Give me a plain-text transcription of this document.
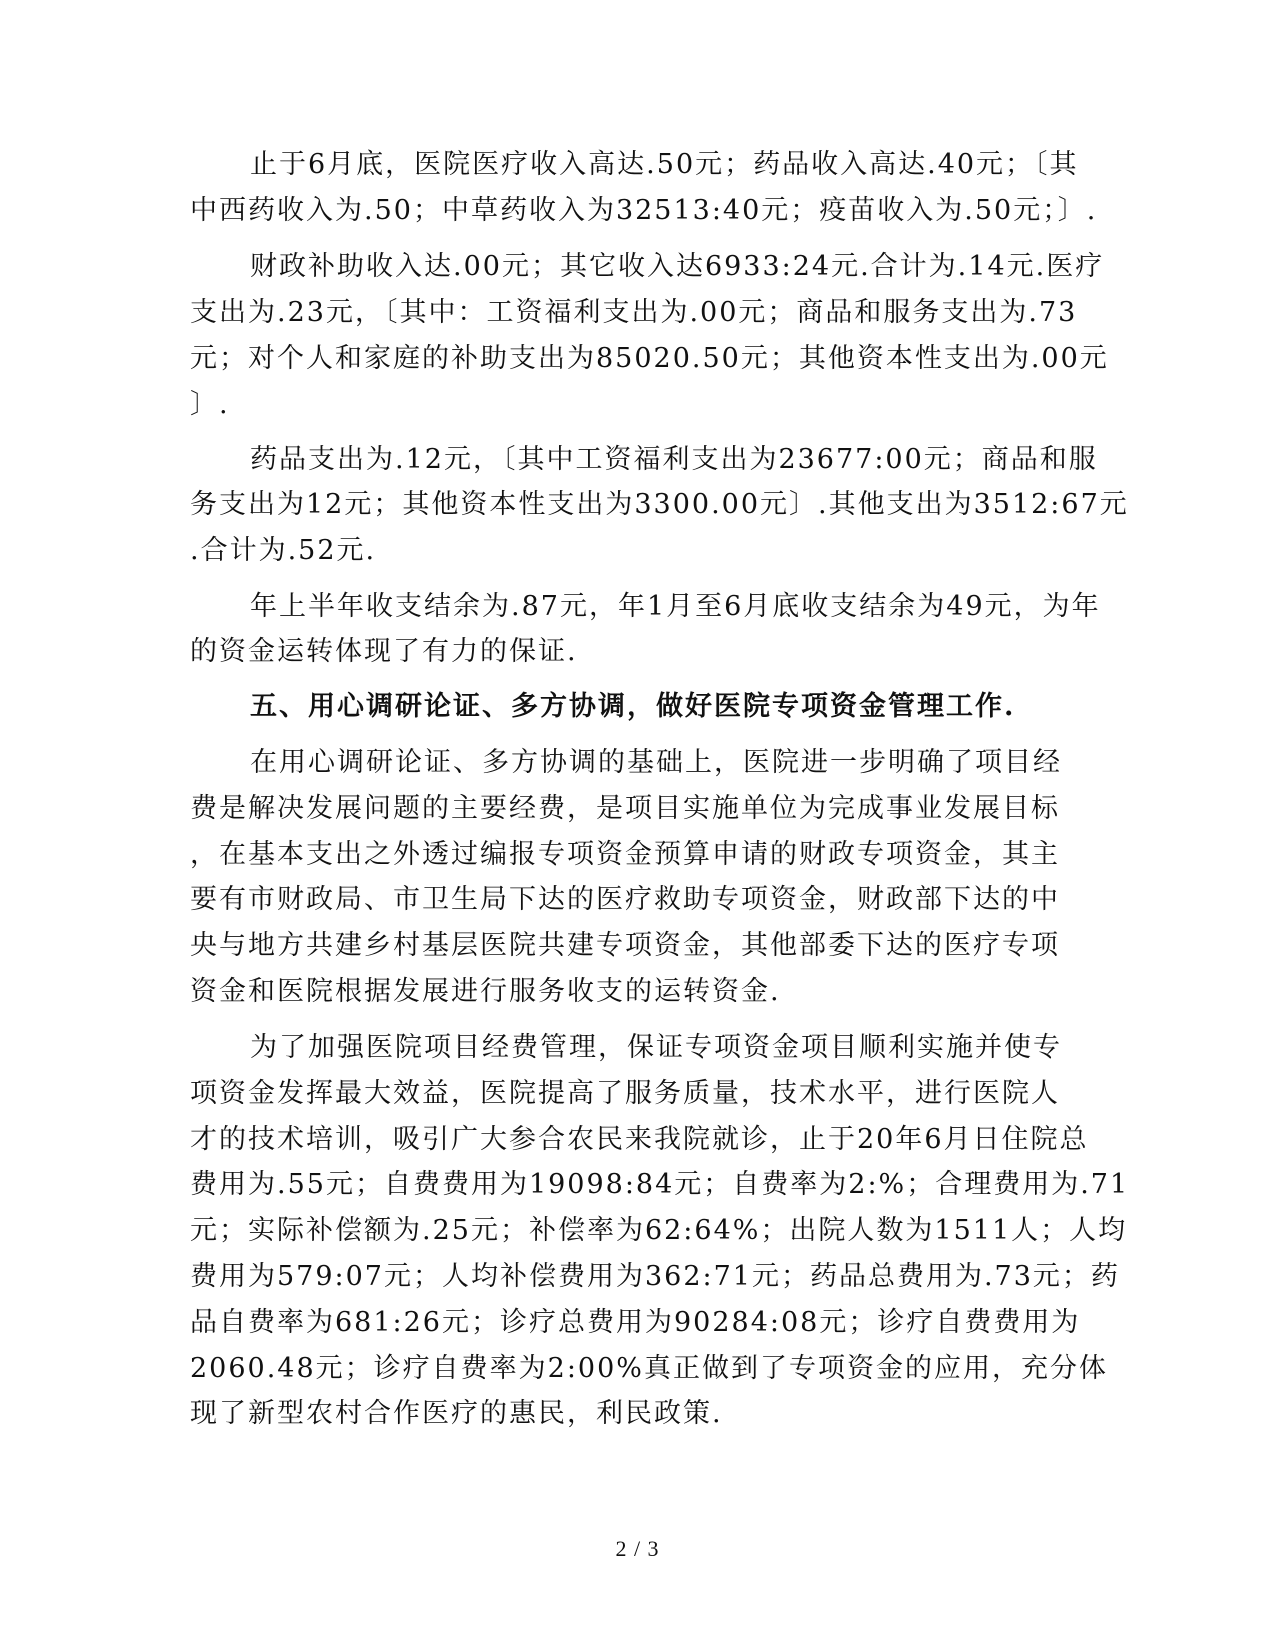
止于6月底，医院医疗收入高达.50元；药品收入高达.40元；〔其
中西药收入为.50；中草药收入为32513:40元；疫苗收入为.50元；〕.
财政补助收入达.00元；其它收入达6933:24元.合计为.14元.医疗
支出为.23元，〔其中：工资福利支出为.00元；商品和服务支出为.73
元；对个人和家庭的补助支出为85020.50元；其他资本性支出为.00元
〕.
药品支出为.12元，〔其中工资福利支出为23677:00元；商品和服
务支出为12元；其他资本性支出为3300.00元〕.其他支出为3512:67元
.合计为.52元.
年上半年收支结余为.87元，年1月至6月底收支结余为49元，为年
的资金运转体现了有力的保证.
五、用心调研论证、多方协调，做好医院专项资金管理工作.
在用心调研论证、多方协调的基础上，医院进一步明确了项目经
费是解决发展问题的主要经费，是项目实施单位为完成事业发展目标
，在基本支出之外透过编报专项资金预算申请的财政专项资金，其主
要有市财政局、市卫生局下达的医疗救助专项资金，财政部下达的中
央与地方共建乡村基层医院共建专项资金，其他部委下达的医疗专项
资金和医院根据发展进行服务收支的运转资金.
为了加强医院项目经费管理，保证专项资金项目顺利实施并使专
项资金发挥最大效益，医院提高了服务质量，技术水平，进行医院人
才的技术培训，吸引广大参合农民来我院就诊，止于20年6月日住院总
费用为.55元；自费费用为19098:84元；自费率为2:%；合理费用为.71
元；实际补偿额为.25元；补偿率为62:64%；出院人数为1511人；人均
费用为579:07元；人均补偿费用为362:71元；药品总费用为.73元；药
品自费率为681:26元；诊疗总费用为90284:08元；诊疗自费费用为
2060.48元；诊疗自费率为2:00%真正做到了专项资金的应用，充分体
现了新型农村合作医疗的惠民，利民政策.
2 / 3
